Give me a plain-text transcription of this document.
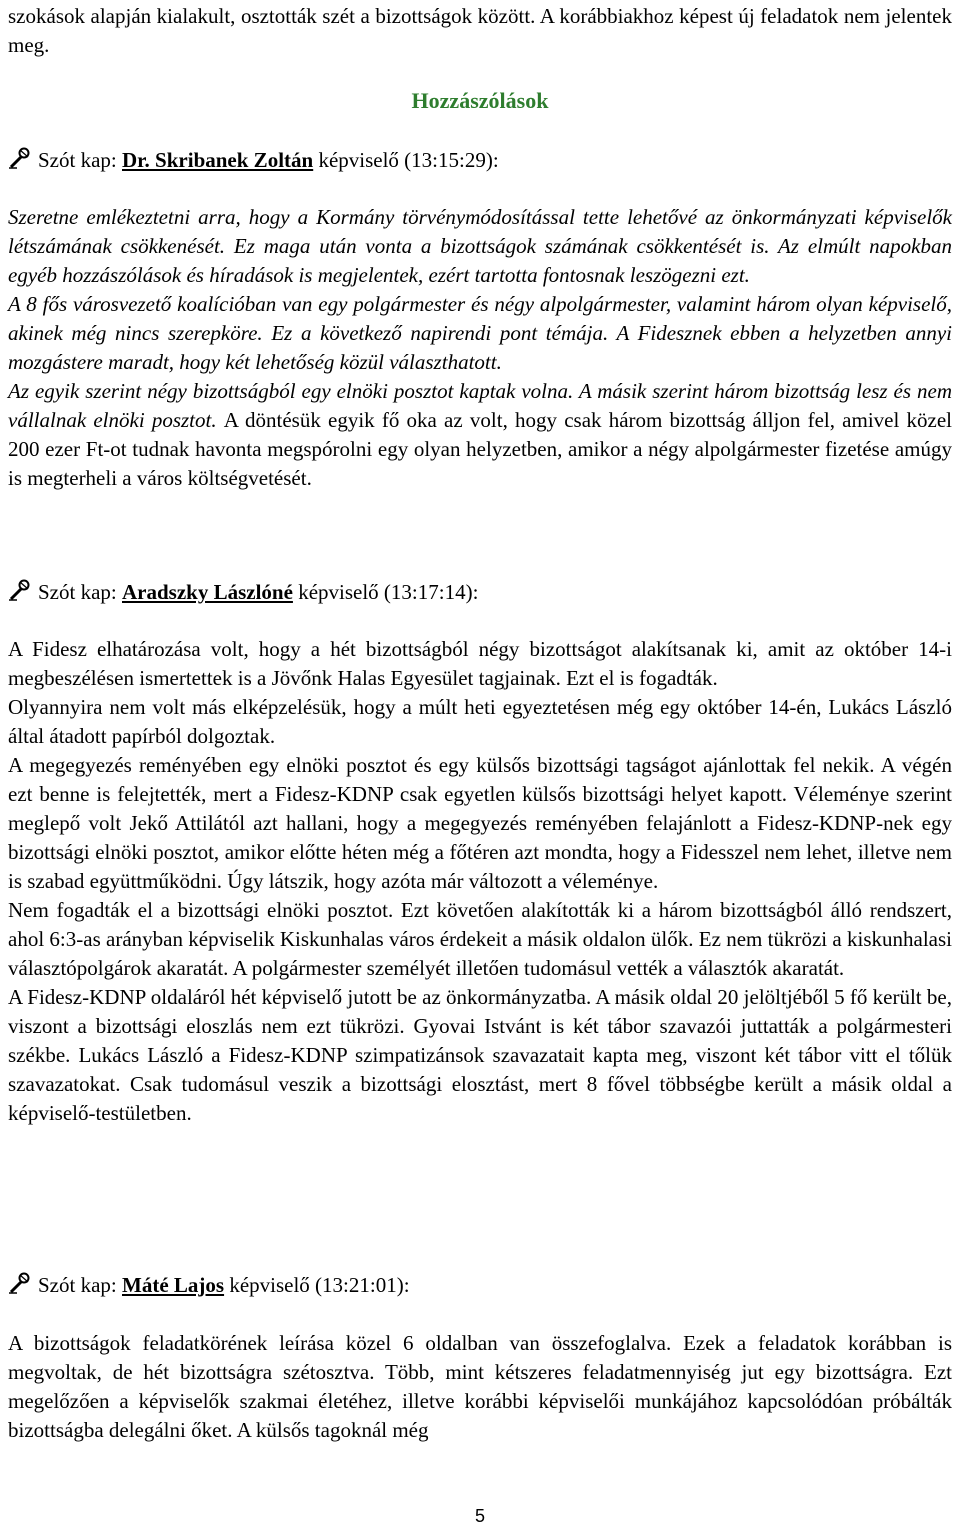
szokások alapján kialakult, osztották szét a bizottságok között. A korábbiakhoz képest új feladatok nem jelentek meg.

Hozzászólások
Szót kap: Dr. Skribanek Zoltán képviselő (13:15:29):

Szeretne emlékeztetni arra, hogy a Kormány törvénymódosítással tette lehetővé az önkormányzati képviselők létszámának csökkenését. Ez maga után vonta a bizottságok számának csökkentését is. Az elmúlt napokban egyéb hozzászólások és híradások is megjelentek, ezért tartotta fontosnak leszögezni ezt.

A 8 fős városvezető koalícióban van egy polgármester és négy alpolgármester, valamint három olyan képviselő, akinek még nincs szerepköre. Ez a következő napirendi pont témája. A Fidesznek ebben a helyzetben annyi mozgástere maradt, hogy két lehetőség közül választhatott.

Az egyik szerint négy bizottságból egy elnöki posztot kaptak volna. A másik szerint három bizottság lesz és nem vállalnak elnöki posztot. A döntésük egyik fő oka az volt, hogy csak három bizottság álljon fel, amivel közel 200 ezer Ft-ot tudnak havonta megspórolni egy olyan helyzetben, amikor a négy alpolgármester fizetése amúgy is megterheli a város költségvetését.

Szót kap: Aradszky Lászlóné képviselő (13:17:14):

A Fidesz elhatározása volt, hogy a hét bizottságból négy bizottságot alakítsanak ki, amit az október 14-i megbeszélésen ismertettek is a Jövőnk Halas Egyesület tagjainak. Ezt el is fogadták.

Olyannyira nem volt más elképzelésük, hogy a múlt heti egyeztetésen még egy október 14-én, Lukács László által átadott papírból dolgoztak.

A megegyezés reményében egy elnöki posztot és egy külsős bizottsági tagságot ajánlottak fel nekik. A végén ezt benne is felejtették, mert a Fidesz-KDNP csak egyetlen külsős bizottsági helyet kapott. Véleménye szerint meglepő volt Jekő Attilától azt hallani, hogy a megegyezés reményében felajánlott a Fidesz-KDNP-nek egy bizottsági elnöki posztot, amikor előtte héten még a főtéren azt mondta, hogy a Fidesszel nem lehet, illetve nem is szabad együttműködni. Úgy látszik, hogy azóta már változott a véleménye.

Nem fogadták el a bizottsági elnöki posztot. Ezt követően alakították ki a három bizottságból álló rendszert, ahol 6:3-as arányban képviselik Kiskunhalas város érdekeit a másik oldalon ülők. Ez nem tükrözi a kiskunhalasi választópolgárok akaratát. A polgármester személyét illetően tudomásul vették a választók akaratát.

A Fidesz-KDNP oldaláról hét képviselő jutott be az önkormányzatba. A másik oldal 20 jelöltjéből 5 fő került be, viszont a bizottsági eloszlás nem ezt tükrözi. Gyovai Istvánt is két tábor szavazói juttatták a polgármesteri székbe. Lukács László a Fidesz-KDNP szimpatizánsok szavazatait kapta meg, viszont két tábor vitt el tőlük szavazatokat. Csak tudomásul veszik a bizottsági elosztást, mert 8 fővel többségbe került a másik oldal a képviselő-testületben.

Szót kap: Máté Lajos képviselő (13:21:01):

A bizottságok feladatkörének leírása közel 6 oldalban van összefoglalva. Ezek a feladatok korábban is megvoltak, de hét bizottságra szétosztva. Több, mint kétszeres feladatmennyiség jut egy bizottságra. Ezt megelőzően a képviselők szakmai életéhez, illetve korábbi képviselői munkájához kapcsolódóan próbálták bizottságba delegálni őket. A külsős tagoknál még

5
